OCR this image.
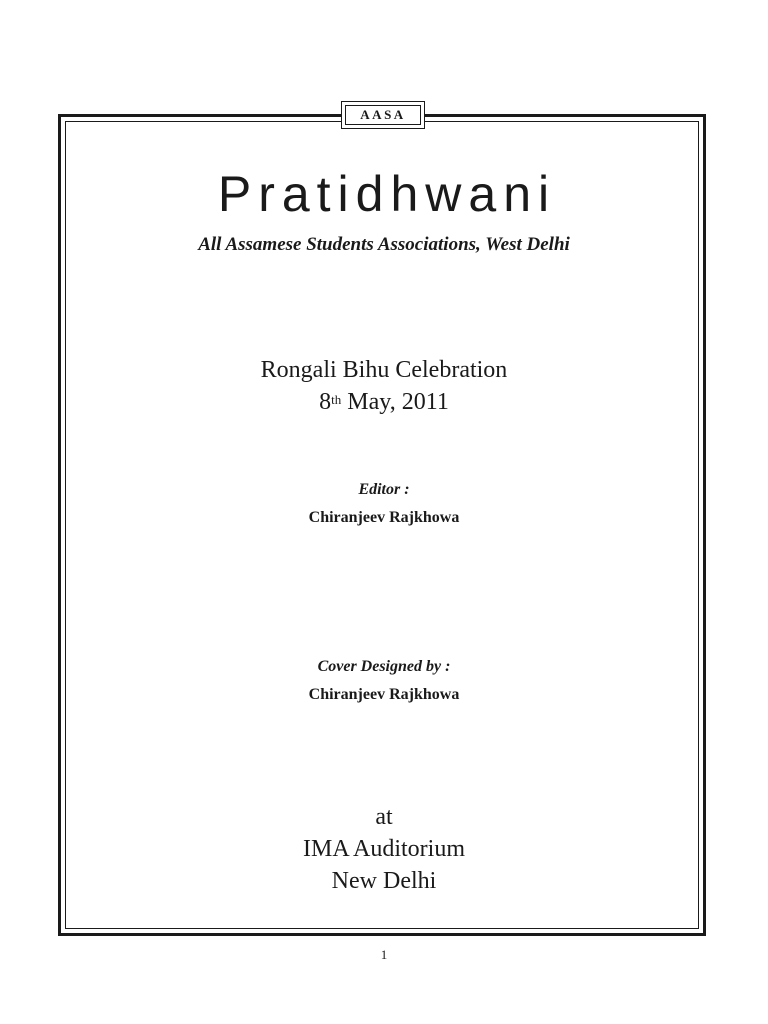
AASA
Pratidhwani
All Assamese Students Associations, West Delhi
Rongali Bihu Celebration
8th May, 2011
Editor :
Chiranjeev Rajkhowa
Cover Designed by :
Chiranjeev Rajkhowa
at
IMA Auditorium
New Delhi
1
